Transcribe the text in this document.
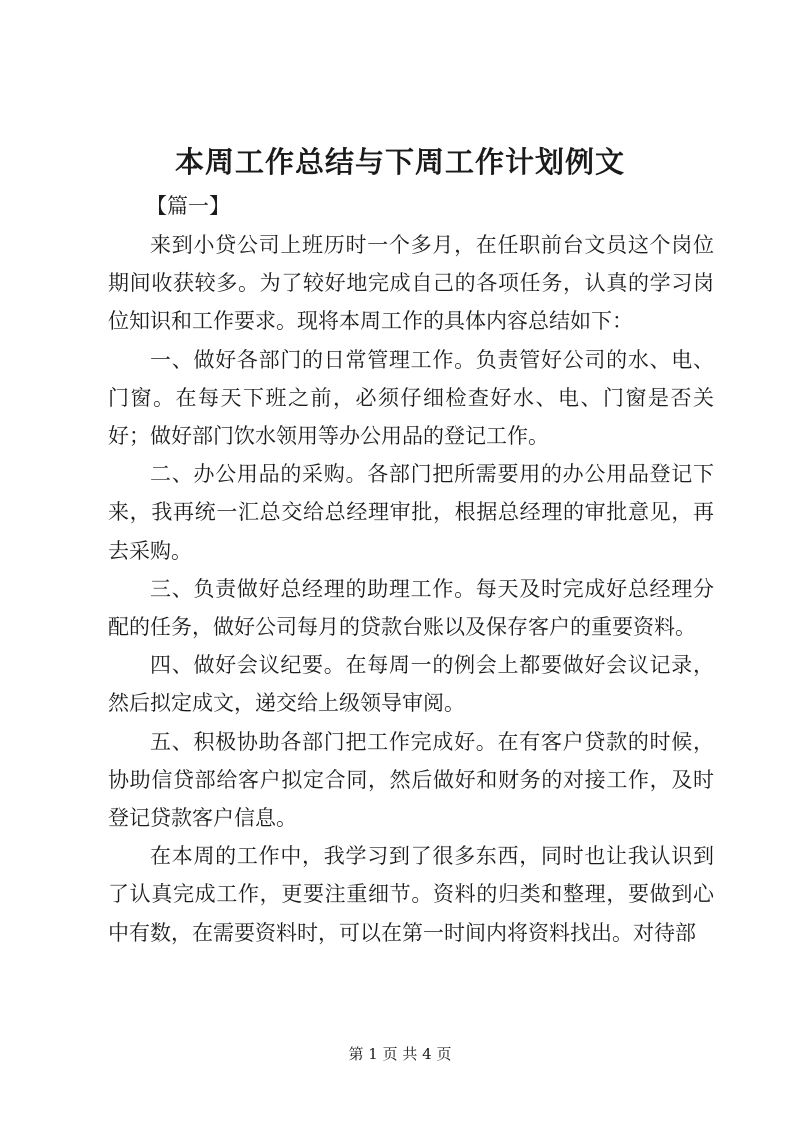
本周工作总结与下周工作计划例文
【篇一】

来到小贷公司上班历时一个多月，在任职前台文员这个岗位期间收获较多。为了较好地完成自己的各项任务，认真的学习岗位知识和工作要求。现将本周工作的具体内容总结如下：

一、做好各部门的日常管理工作。负责管好公司的水、电、门窗。在每天下班之前，必须仔细检查好水、电、门窗是否关好；做好部门饮水领用等办公用品的登记工作。

二、办公用品的采购。各部门把所需要用的办公用品登记下来，我再统一汇总交给总经理审批，根据总经理的审批意见，再去采购。

三、负责做好总经理的助理工作。每天及时完成好总经理分配的任务，做好公司每月的贷款台账以及保存客户的重要资料。

四、做好会议纪要。在每周一的例会上都要做好会议记录，然后拟定成文，递交给上级领导审阅。

五、积极协助各部门把工作完成好。在有客户贷款的时候，协助信贷部给客户拟定合同，然后做好和财务的对接工作，及时登记贷款客户信息。

在本周的工作中，我学习到了很多东西，同时也让我认识到了认真完成工作，更要注重细节。资料的归类和整理，要做到心中有数，在需要资料时，可以在第一时间内将资料找出。对待部

第 1 页 共 4 页
